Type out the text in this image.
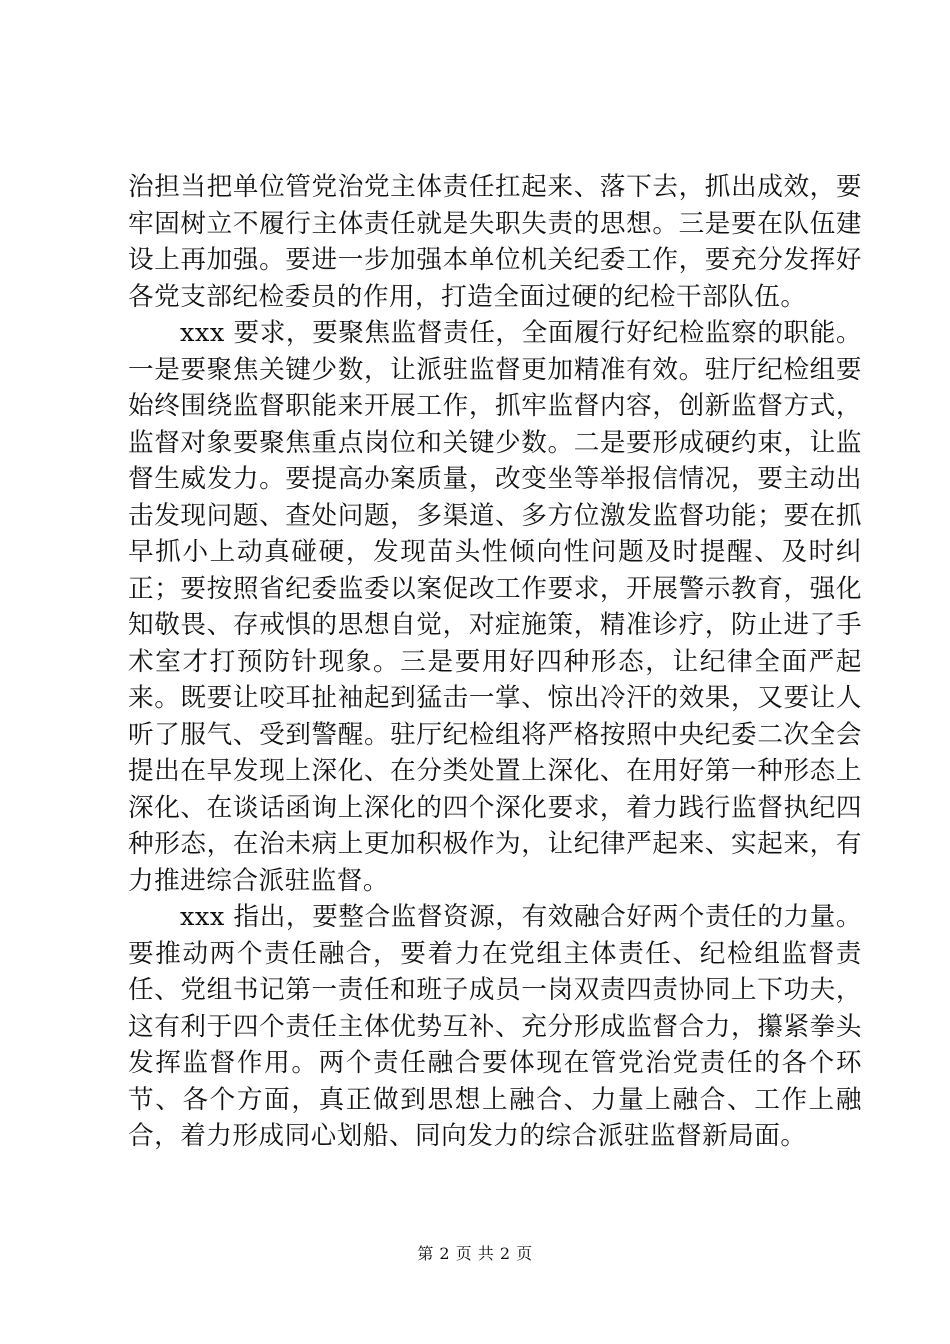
治担当把单位管党治党主体责任扛起来、落下去，抓出成效，要牢固树立不履行主体责任就是失职失责的思想。三是要在队伍建设上再加强。要进一步加强本单位机关纪委工作，要充分发挥好各党支部纪检委员的作用，打造全面过硬的纪检干部队伍。

xxx 要求，要聚焦监督责任，全面履行好纪检监察的职能。一是要聚焦关键少数，让派驻监督更加精准有效。驻厅纪检组要始终围绕监督职能来开展工作，抓牢监督内容，创新监督方式，监督对象要聚焦重点岗位和关键少数。二是要形成硬约束，让监督生威发力。要提高办案质量，改变坐等举报信情况，要主动出击发现问题、查处问题，多渠道、多方位激发监督功能；要在抓早抓小上动真碰硬，发现苗头性倾向性问题及时提醒、及时纠正；要按照省纪委监委以案促改工作要求，开展警示教育，强化知敬畏、存戒惧的思想自觉，对症施策，精准诊疗，防止进了手术室才打预防针现象。三是要用好四种形态，让纪律全面严起来。既要让咬耳扯袖起到猛击一掌、惊出冷汗的效果，又要让人听了服气、受到警醒。驻厅纪检组将严格按照中央纪委二次全会提出在早发现上深化、在分类处置上深化、在用好第一种形态上深化、在谈话函询上深化的四个深化要求，着力践行监督执纪四种形态，在治未病上更加积极作为，让纪律严起来、实起来，有力推进综合派驻监督。

xxx 指出，要整合监督资源，有效融合好两个责任的力量。要推动两个责任融合，要着力在党组主体责任、纪检组监督责任、党组书记第一责任和班子成员一岗双责四责协同上下功夫，这有利于四个责任主体优势互补、充分形成监督合力，攥紧拳头发挥监督作用。两个责任融合要体现在管党治党责任的各个环节、各个方面，真正做到思想上融合、力量上融合、工作上融合，着力形成同心划船、同向发力的综合派驻监督新局面。

第 2 页 共 2 页
